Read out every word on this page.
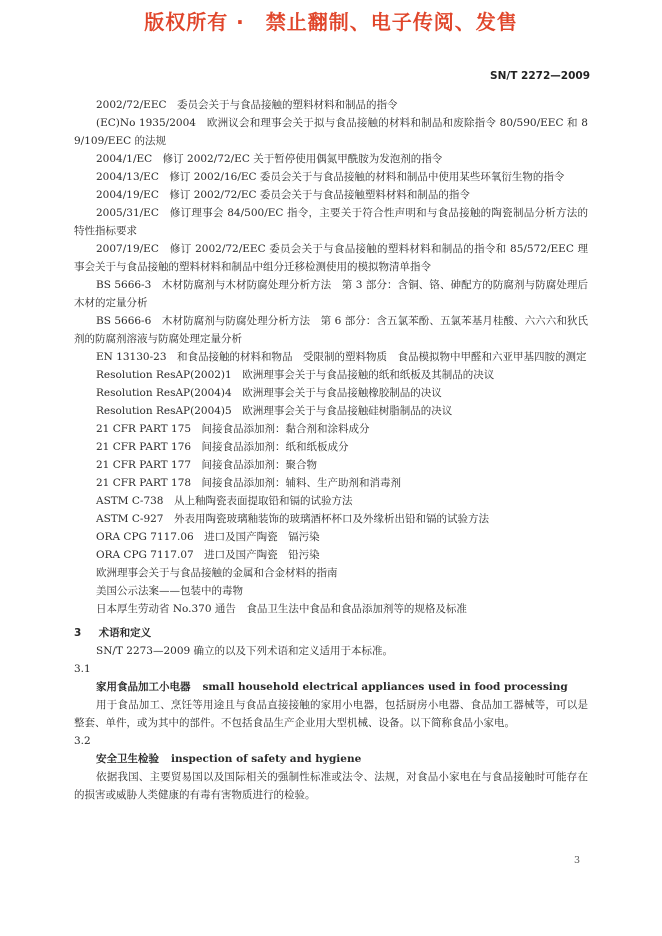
版权所有 ·　禁止翻制、电子传阅、发售
SN/T 2272—2009

2002/72/EEC　委员会关于与食品接触的塑料材料和制品的指令

(EC)No 1935/2004　欧洲议会和理事会关于拟与食品接触的材料和制品和废除指令 80/590/EEC 和 89/109/EEC 的法规

2004/1/EC　修订 2002/72/EC 关于暂停使用偶氮甲酰胺为发泡剂的指令

2004/13/EC　修订 2002/16/EC 委员会关于与食品接触的材料和制品中使用某些环氧衍生物的指令

2004/19/EC　修订 2002/72/EC 委员会关于与食品接触塑料材料和制品的指令

2005/31/EC　修订理事会 84/500/EC 指令，主要关于符合性声明和与食品接触的陶瓷制品分析方法的特性指标要求

2007/19/EC　修订 2002/72/EEC 委员会关于与食品接触的塑料材料和制品的指令和 85/572/EEC 理事会关于与食品接触的塑料材料和制品中组分迁移检测使用的模拟物清单指令

BS 5666-3　木材防腐剂与木材防腐处理分析方法　第 3 部分：含铜、铬、砷配方的防腐剂与防腐处理后木材的定量分析

BS 5666-6　木材防腐剂与防腐处理分析方法　第 6 部分：含五氯苯酚、五氯苯基月桂酸、六六六和狄氏剂的防腐剂溶液与防腐处理定量分析

EN 13130-23　和食品接触的材料和物品　受限制的塑料物质　食品模拟物中甲醛和六亚甲基四胺的测定

Resolution ResAP(2002)1　欧洲理事会关于与食品接触的纸和纸板及其制品的决议

Resolution ResAP(2004)4　欧洲理事会关于与食品接触橡胶制品的决议

Resolution ResAP(2004)5　欧洲理事会关于与食品接触硅树脂制品的决议

21 CFR PART 175　间接食品添加剂：黏合剂和涂料成分

21 CFR PART 176　间接食品添加剂：纸和纸板成分

21 CFR PART 177　间接食品添加剂：聚合物

21 CFR PART 178　间接食品添加剂：辅料、生产助剂和消毒剂

ASTM C-738　从上釉陶瓷表面提取铅和镉的试验方法

ASTM C-927　外表用陶瓷玻璃釉装饰的玻璃酒杯杯口及外缘析出铅和镉的试验方法

ORA CPG 7117.06　进口及国产陶瓷　镉污染

ORA CPG 7117.07　进口及国产陶瓷　铅污染

欧洲理事会关于与食品接触的金属和合金材料的指南

美国公示法案——包装中的毒物

日本厚生劳动省 No.370 通告　食品卫生法中食品和食品添加剂等的规格及标准

3 术语和定义

SN/T 2273—2009 确立的以及下列术语和定义适用于本标准。

3.1

家用食品加工小电器 small household electrical appliances used in food processing

用于食品加工、烹饪等用途且与食品直接接触的家用小电器，包括厨房小电器、食品加工器械等，可以是整套、单件，或为其中的部件。不包括食品生产企业用大型机械、设备。以下简称食品小家电。

3.2

安全卫生检验 inspection of safety and hygiene

依据我国、主要贸易国以及国际相关的强制性标准或法令、法规，对食品小家电在与食品接触时可能存在的损害或威胁人类健康的有毒有害物质进行的检验。

3
